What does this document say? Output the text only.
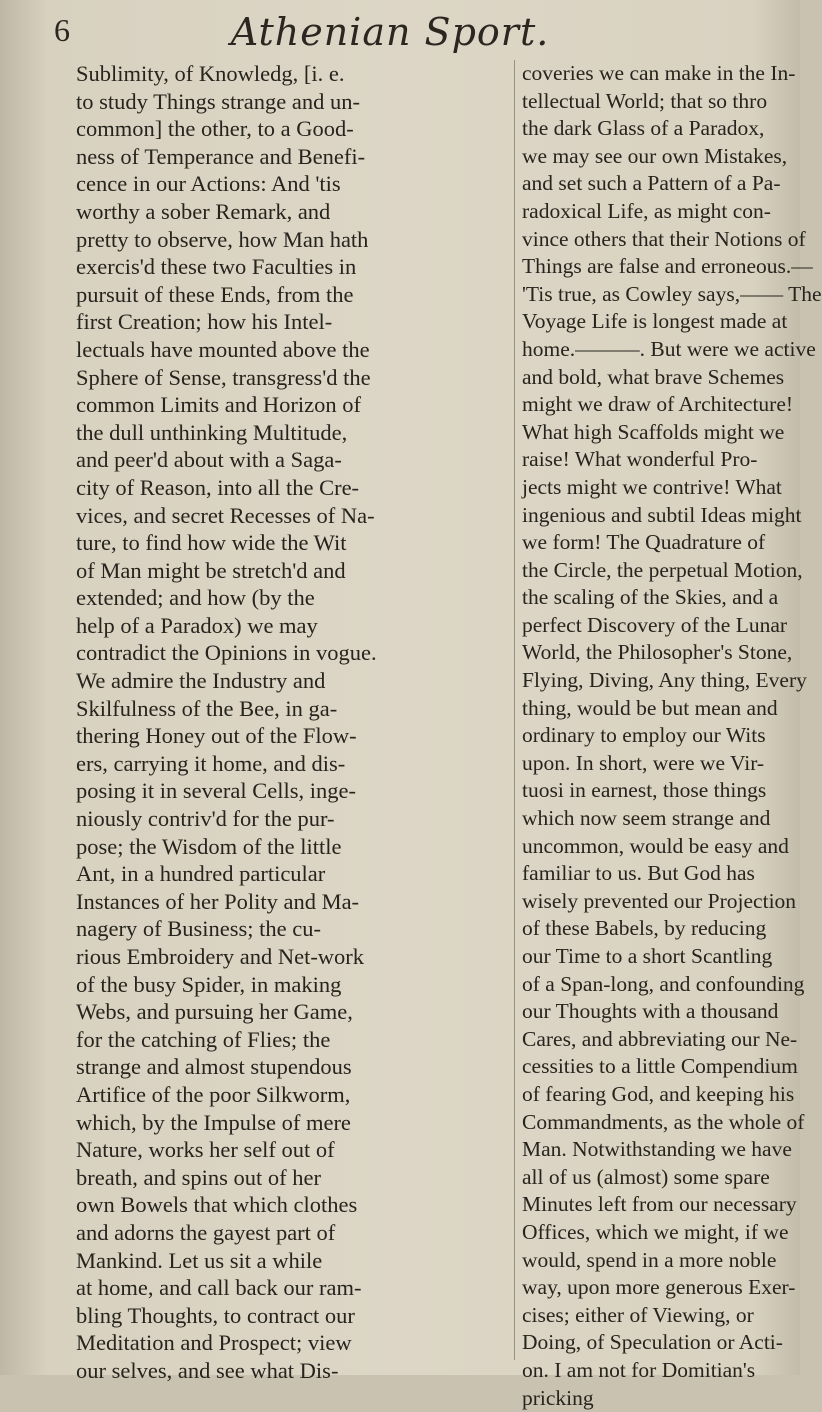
6	Athenian Sport.
Sublimity, of Knowledg, [i. e.
to study Things strange and un-
common] the other, to a Good-
ness of Temperance and Benefi-
cence in our Actions: And 'tis
worthy a sober Remark, and
pretty to observe, how Man hath
exercis'd these two Faculties in
pursuit of these Ends, from the
first Creation; how his Intel-
lectuals have mounted above the
Sphere of Sense, transgress'd the
common Limits and Horizon of
the dull unthinking Multitude,
and peer'd about with a Saga-
city of Reason, into all the Cre-
vices, and secret Recesses of Na-
ture, to find how wide the Wit
of Man might be stretch'd and
extended; and how (by the
help of a Paradox) we may
contradict the Opinions in vogue.
We admire the Industry and
Skilfulness of the Bee, in ga-
thering Honey out of the Flow-
ers, carrying it home, and dis-
posing it in several Cells, inge-
niously contriv'd for the pur-
pose; the Wisdom of the little
Ant, in a hundred particular
Instances of her Polity and Ma-
nagery of Business; the cu-
rious Embroidery and Net-work
of the busy Spider, in making
Webs, and pursuing her Game,
for the catching of Flies; the
strange and almost stupendous
Artifice of the poor Silkworm,
which, by the Impulse of mere
Nature, works her self out of
breath, and spins out of her
own Bowels that which clothes
and adorns the gayest part of
Mankind. Let us sit a while
at home, and call back our ram-
bling Thoughts, to contract our
Meditation and Prospect; view
our selves, and see what Dis-
coveries we can make in the In-
tellectual World; that so thro
the dark Glass of a Paradox,
we may see our own Mistakes,
and set such a Pattern of a Pa-
radoxical Life, as might con-
vince others that their Notions of
Things are false and erroneous.—
'Tis true, as Cowley says,—— The
Voyage Life is longest made at
home.———. But were we active
and bold, what brave Schemes
might we draw of Architecture!
What high Scaffolds might we
raise! What wonderful Pro-
jects might we contrive! What
ingenious and subtil Ideas might
we form! The Quadrature of
the Circle, the perpetual Motion,
the scaling of the Skies, and a
perfect Discovery of the Lunar
World, the Philosopher's Stone,
Flying, Diving, Any thing, Every
thing, would be but mean and
ordinary to employ our Wits
upon. In short, were we Vir-
tuosi in earnest, those things
which now seem strange and
uncommon, would be easy and
familiar to us. But God has
wisely prevented our Projection
of these Babels, by reducing
our Time to a short Scantling
of a Span-long, and confounding
our Thoughts with a thousand
Cares, and abbreviating our Ne-
cessities to a little Compendium
of fearing God, and keeping his
Commandments, as the whole of
Man. Notwithstanding we have
all of us (almost) some spare
Minutes left from our necessary
Offices, which we might, if we
would, spend in a more noble
way, upon more generous Exer-
cises; either of Viewing, or
Doing, of Speculation or Acti-
on. I am not for Domitian's
pricking
